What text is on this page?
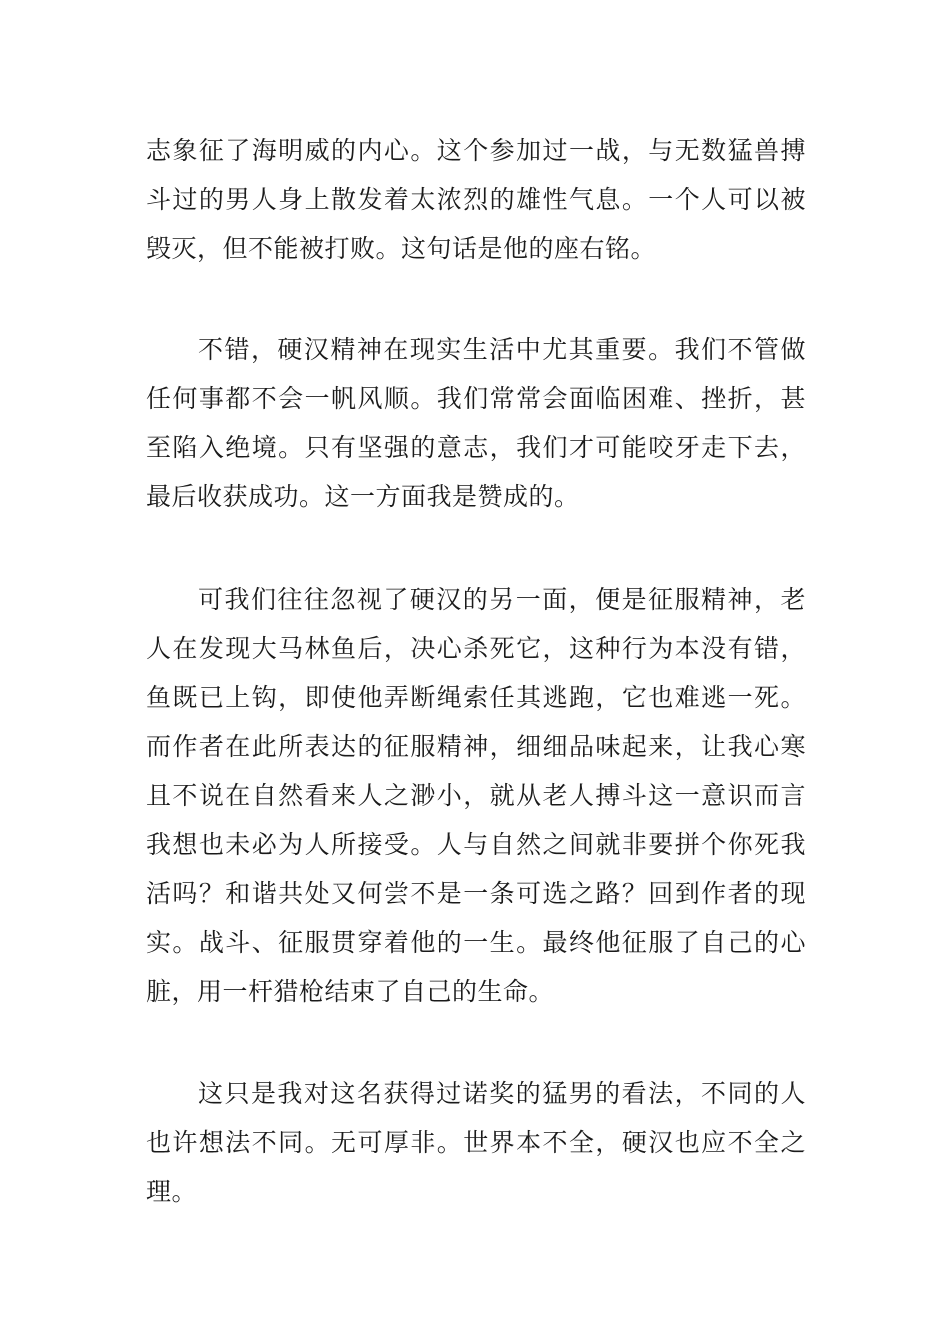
志象征了海明威的内心。这个参加过一战，与无数猛兽搏
斗过的男人身上散发着太浓烈的雄性气息。一个人可以被
毁灭，但不能被打败。这句话是他的座右铭。
不错，硬汉精神在现实生活中尤其重要。我们不管做
任何事都不会一帆风顺。我们常常会面临困难、挫折，甚
至陷入绝境。只有坚强的意志，我们才可能咬牙走下去，
最后收获成功。这一方面我是赞成的。
可我们往往忽视了硬汉的另一面，便是征服精神，老
人在发现大马林鱼后，决心杀死它，这种行为本没有错，
鱼既已上钩，即使他弄断绳索任其逃跑，它也难逃一死。
而作者在此所表达的征服精神，细细品味起来，让我心寒
且不说在自然看来人之渺小，就从老人搏斗这一意识而言
我想也未必为人所接受。人与自然之间就非要拼个你死我
活吗？和谐共处又何尝不是一条可选之路？回到作者的现
实。战斗、征服贯穿着他的一生。最终他征服了自己的心
脏，用一杆猎枪结束了自己的生命。
这只是我对这名获得过诺奖的猛男的看法，不同的人
也许想法不同。无可厚非。世界本不全，硬汉也应不全之
理。
